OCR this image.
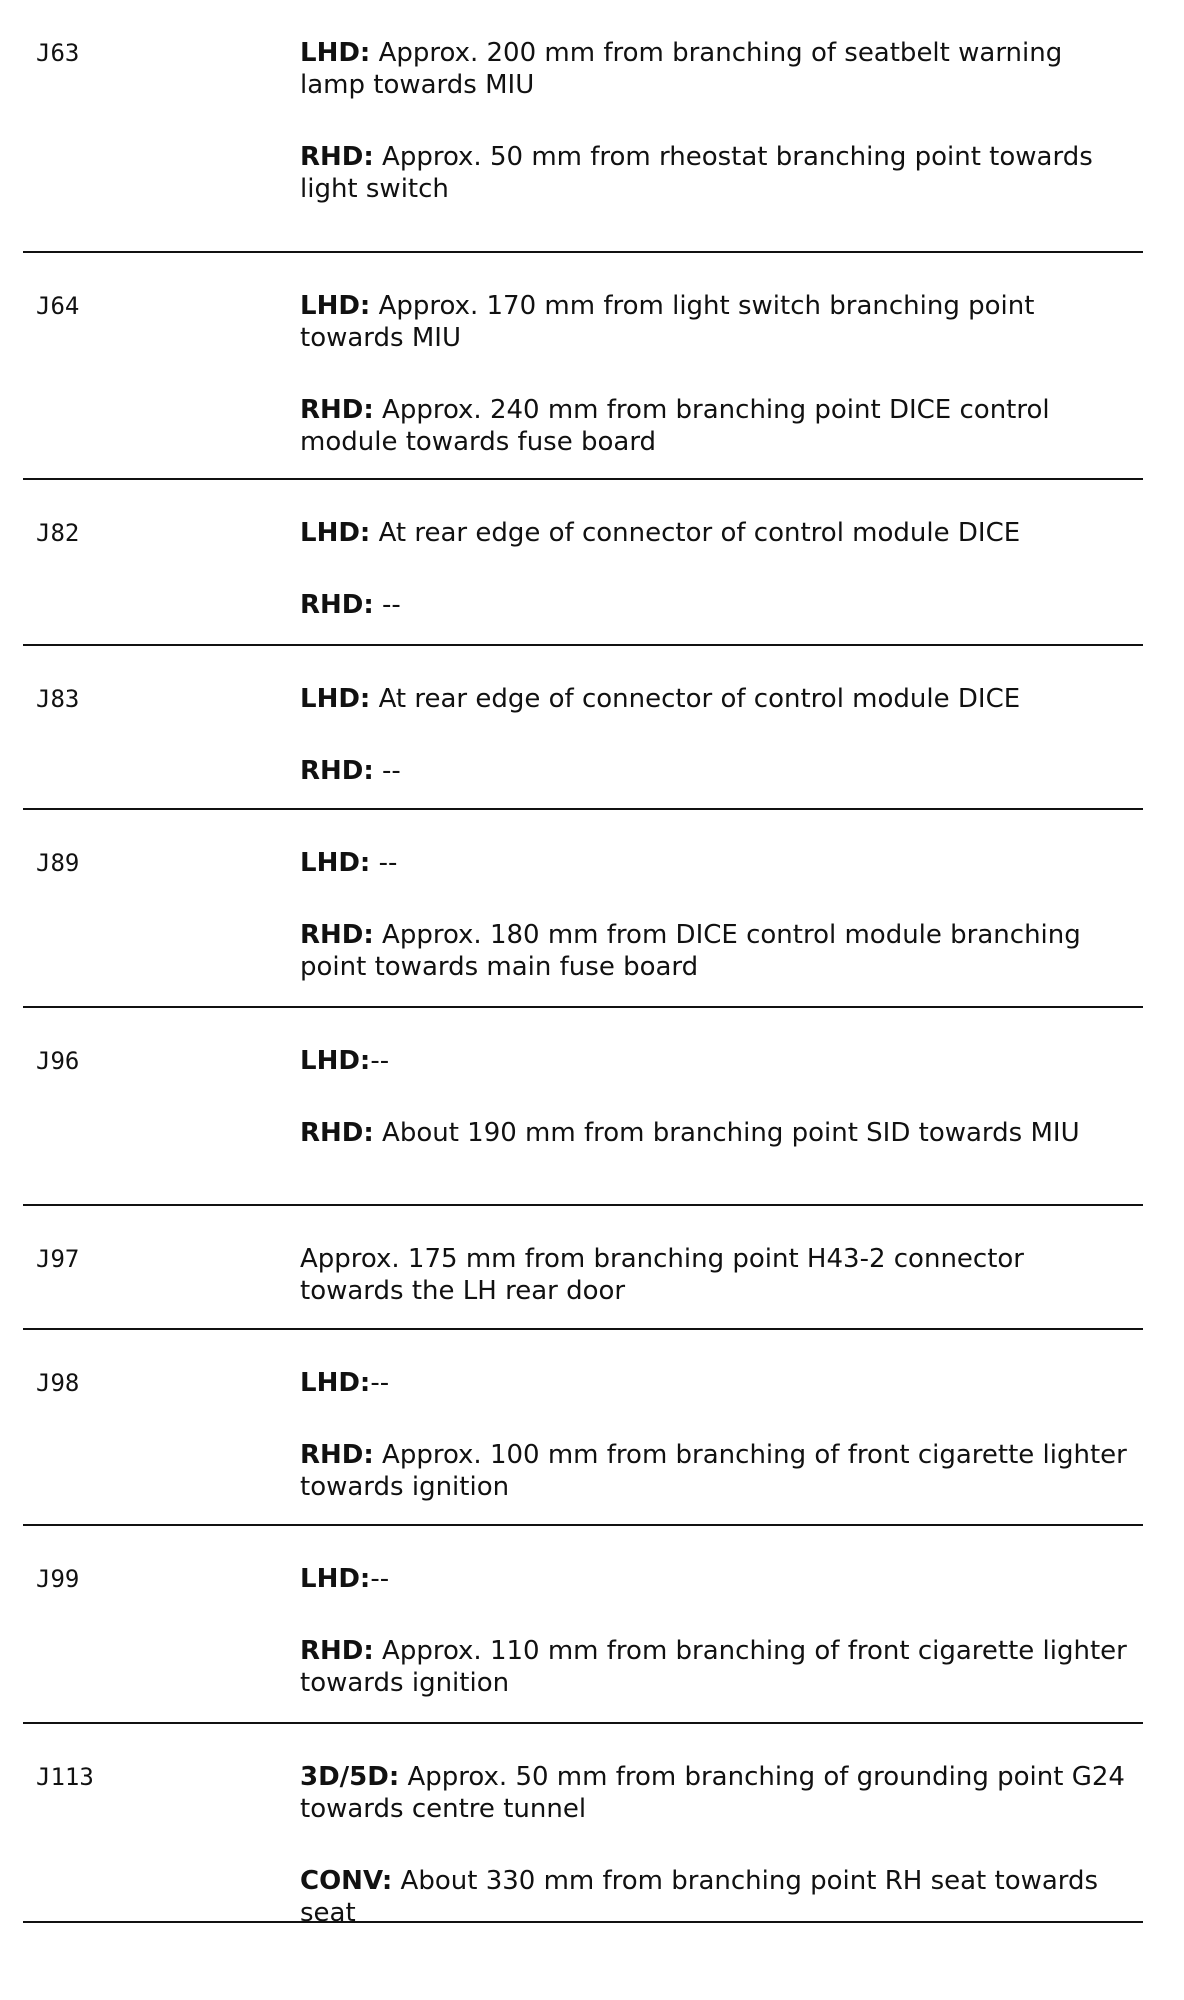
J63	LHD: Approx. 200 mm from branching of seatbelt warning lamp towards MIU

RHD: Approx. 50 mm from rheostat branching point towards light switch

J64	LHD: Approx. 170 mm from light switch branching point towards MIU

RHD: Approx. 240 mm from branching point DICE control module towards fuse board

J82	LHD: At rear edge of connector of control module DICE

RHD: --

J83	LHD: At rear edge of connector of control module DICE

RHD: --

J89	LHD: --

RHD: Approx. 180 mm from DICE control module branching point towards main fuse board

J96	LHD:--

RHD: About 190 mm from branching point SID towards MIU

J97	Approx. 175 mm from branching point H43-2 connector towards the LH rear door

J98	LHD:--

RHD: Approx. 100 mm from branching of front cigarette lighter towards ignition

J99	LHD:--

RHD: Approx. 110 mm from branching of front cigarette lighter towards ignition

J113	3D/5D: Approx. 50 mm from branching of grounding point G24 towards centre tunnel

CONV: About 330 mm from branching point RH seat towards seat
